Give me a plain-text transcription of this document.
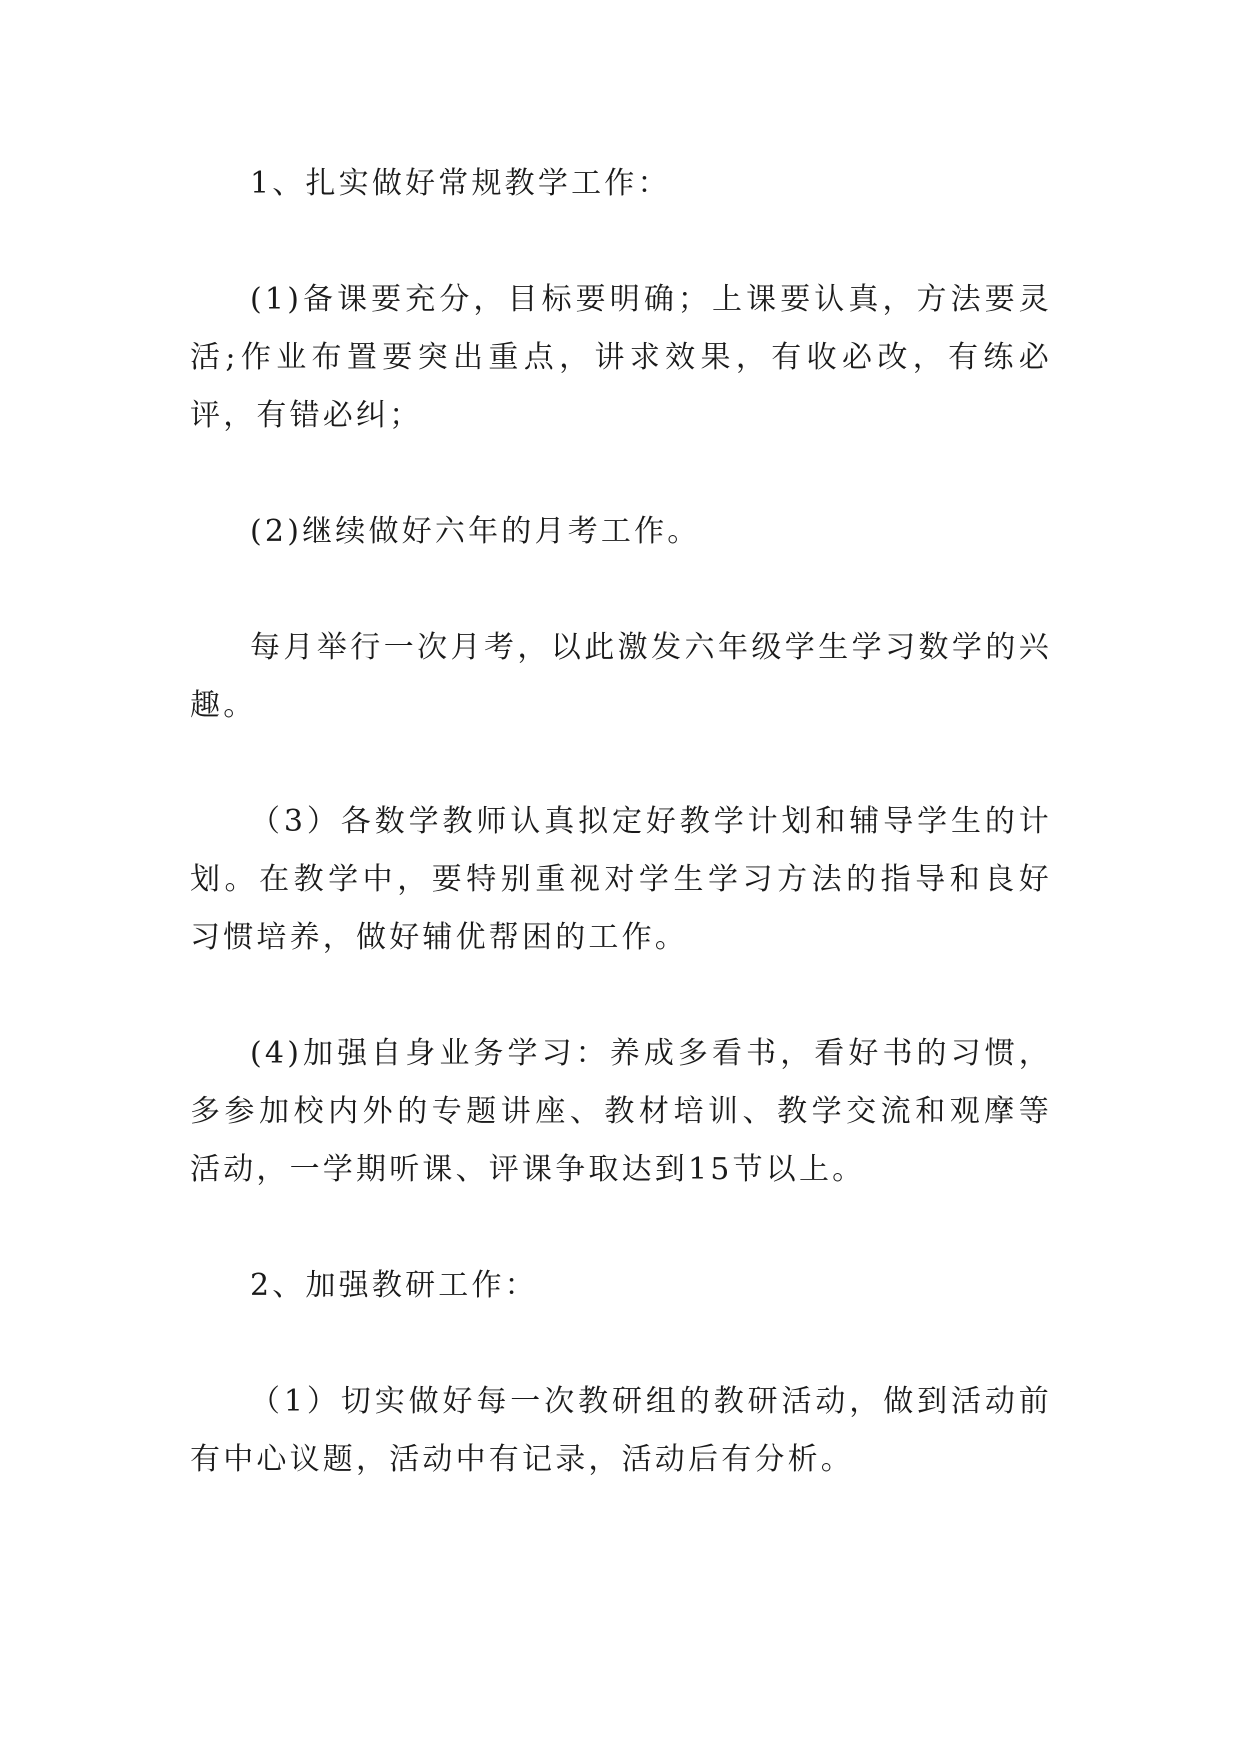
1、扎实做好常规教学工作：

(1)备课要充分，目标要明确；上课要认真，方法要灵活;作业布置要突出重点，讲求效果，有收必改，有练必评，有错必纠；

(2)继续做好六年的月考工作。

每月举行一次月考，以此激发六年级学生学习数学的兴趣。

（3）各数学教师认真拟定好教学计划和辅导学生的计划。在教学中，要特别重视对学生学习方法的指导和良好习惯培养，做好辅优帮困的工作。

(4)加强自身业务学习：养成多看书，看好书的习惯，多参加校内外的专题讲座、教材培训、教学交流和观摩等活动，一学期听课、评课争取达到15节以上。

2、加强教研工作：

（1）切实做好每一次教研组的教研活动，做到活动前有中心议题，活动中有记录，活动后有分析。
